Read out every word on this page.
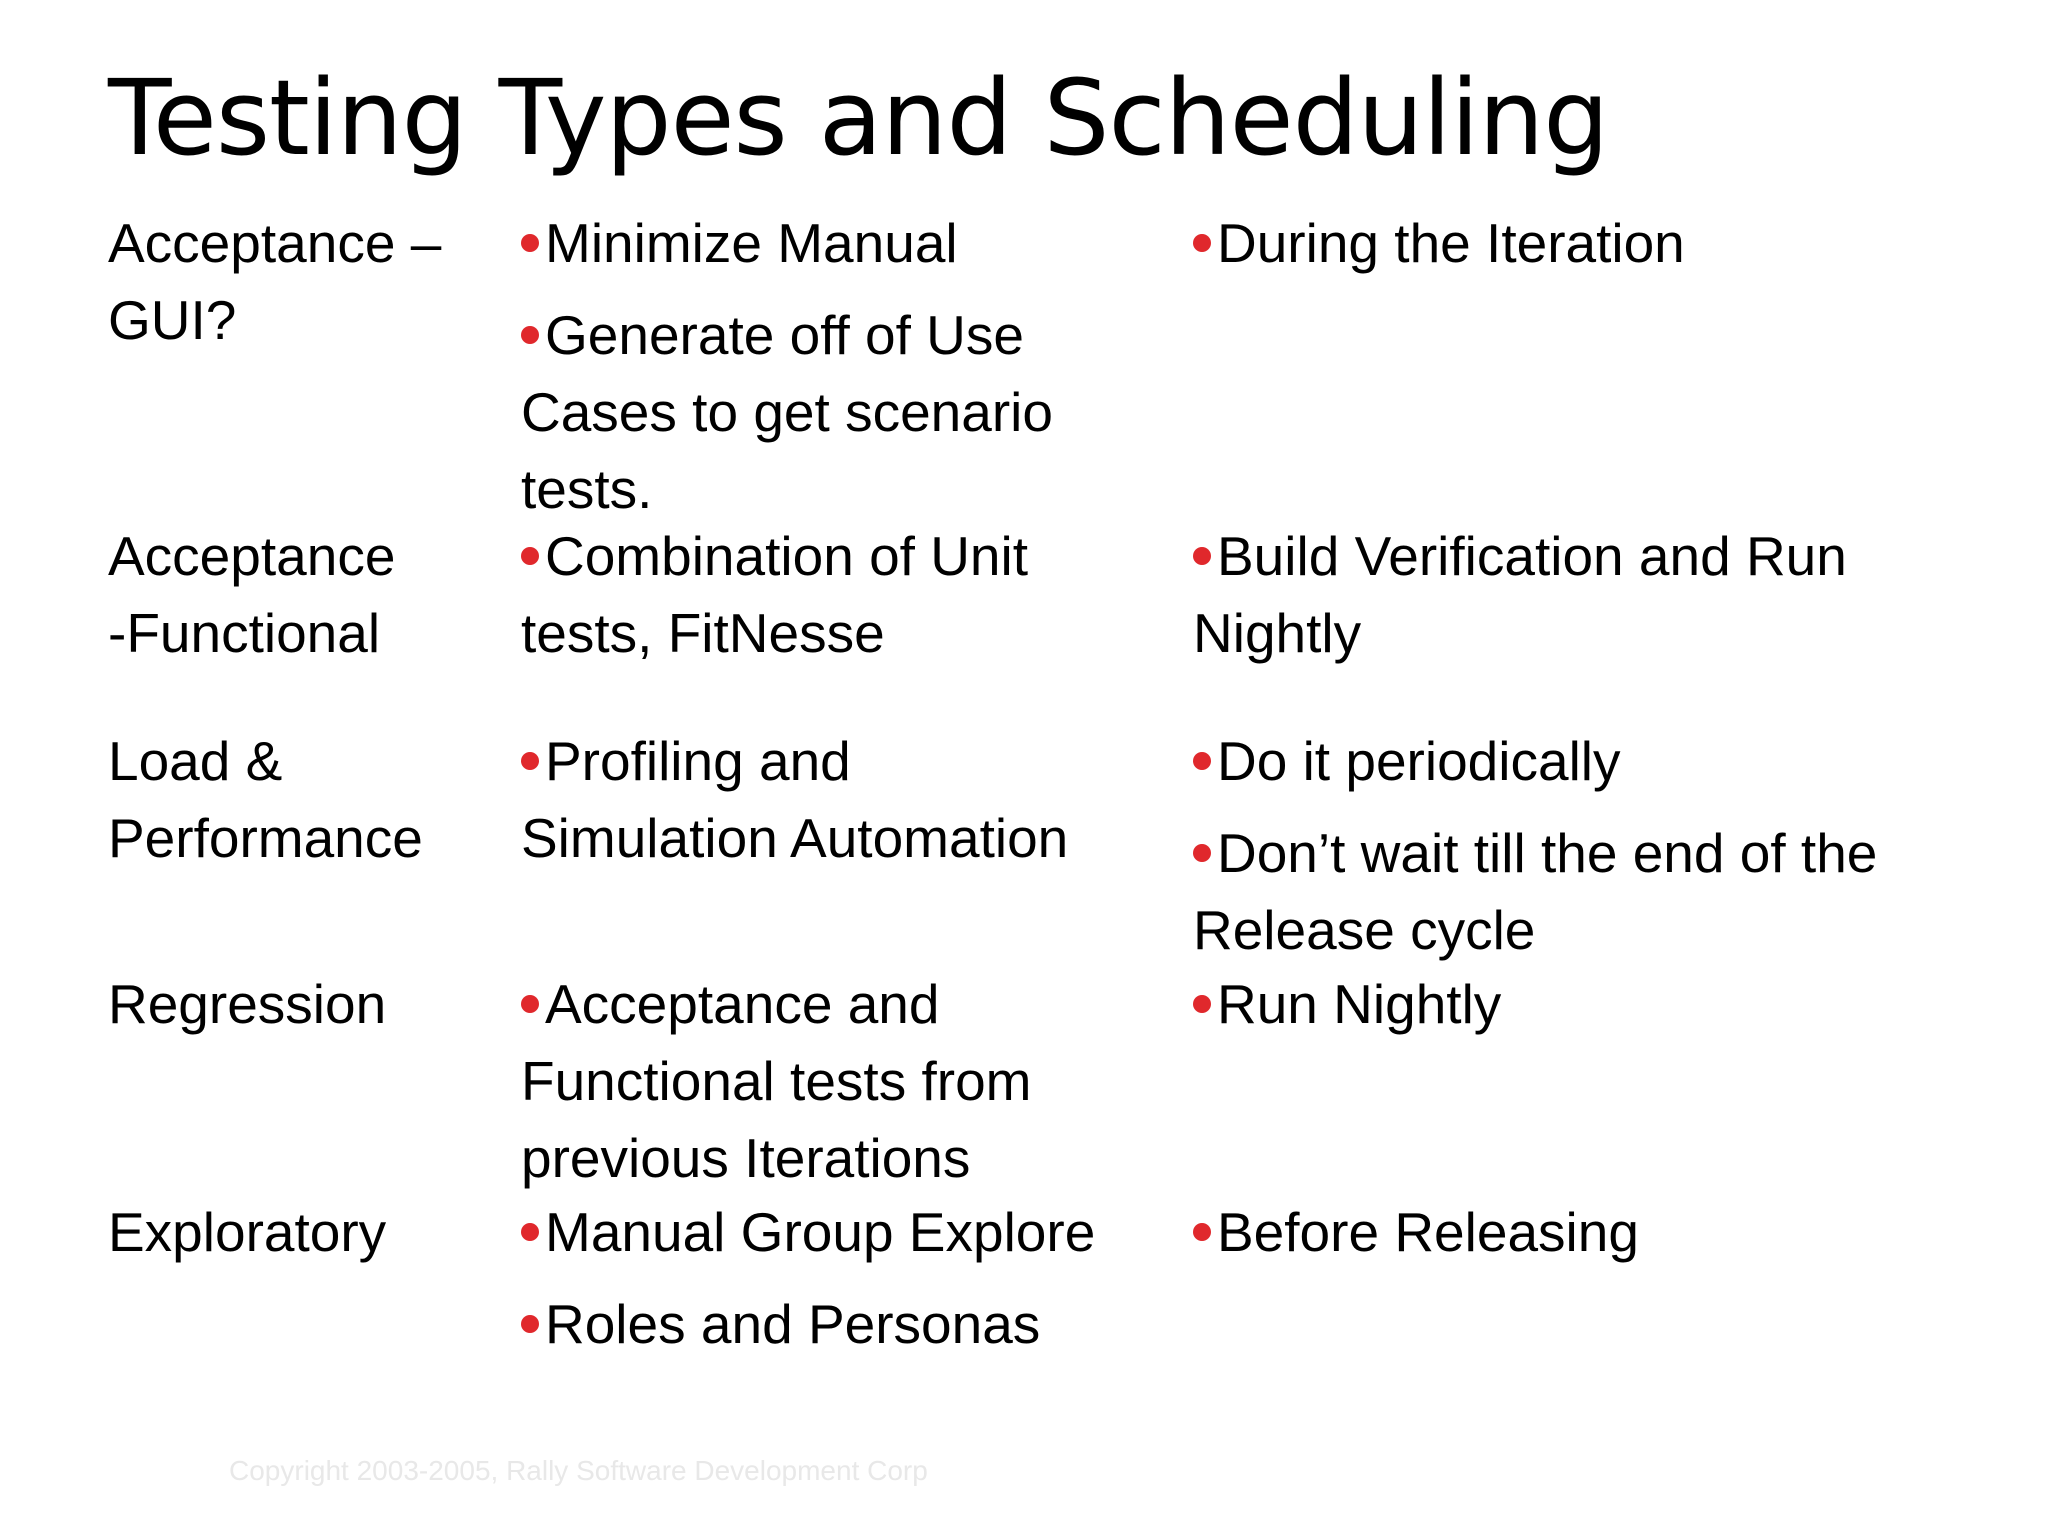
Testing Types and Scheduling
Acceptance –
GUI?
Minimize Manual
Generate off of Use
Cases to get scenario
tests.
During the Iteration
Acceptance
-Functional
Combination of Unit
tests, FitNesse
Build Verification and Run
Nightly
Load &
Performance
Profiling and
Simulation Automation
Do it periodically
Don’t wait till the end of the
Release cycle
Regression	Acceptance and
Functional tests from
previous Iterations
Run Nightly
Exploratory	Manual Group Explore
Roles and Personas
Before Releasing
Copyright 2003-2005, Rally Software Development Corp
